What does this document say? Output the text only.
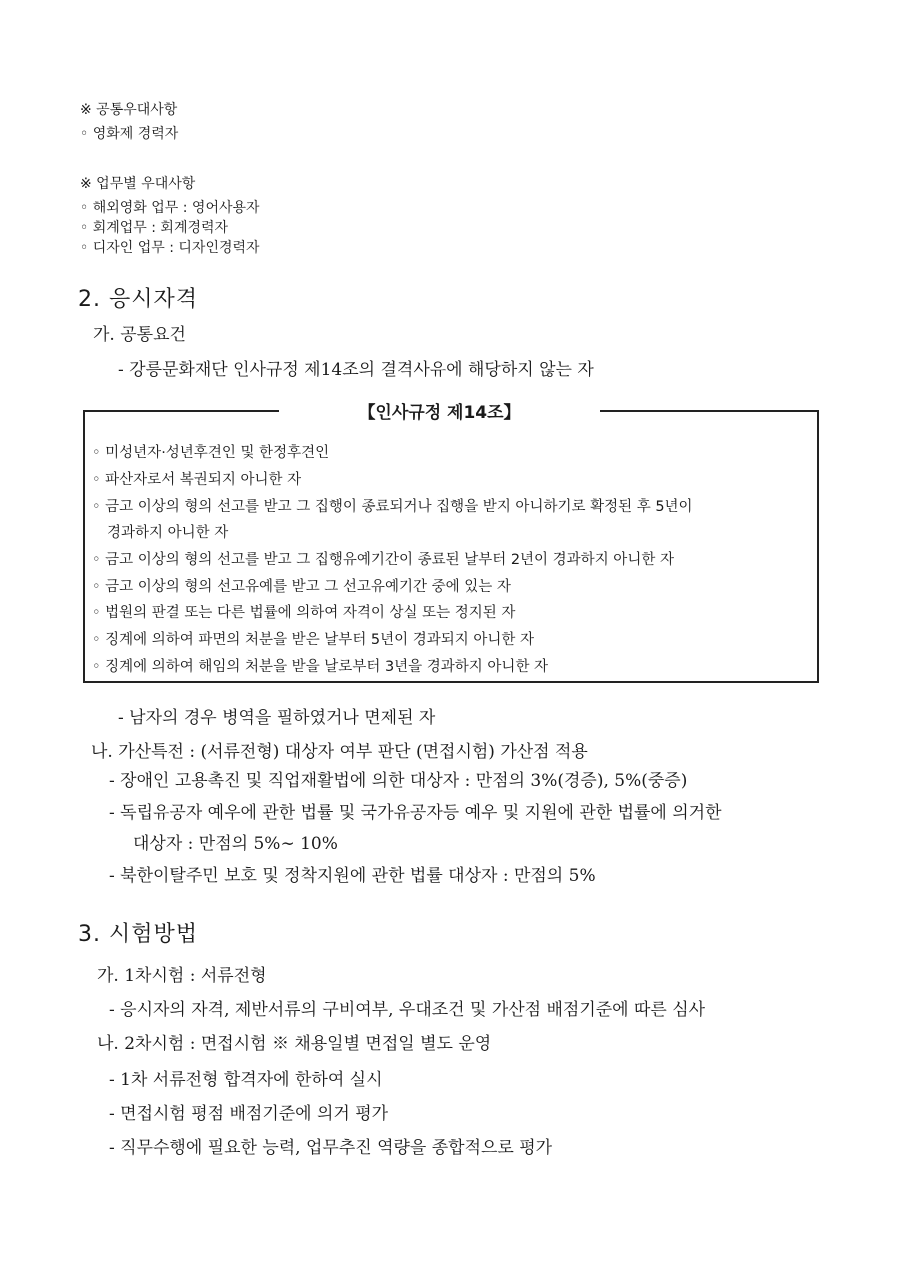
※ 공통우대사항
◦ 영화제 경력자
※ 업무별 우대사항
◦ 해외영화 업무 : 영어사용자
◦ 회계업무 : 회계경력자
◦ 디자인 업무 : 디자인경력자
2. 응시자격
가. 공통요건
- 강릉문화재단 인사규정 제14조의 결격사유에 해당하지 않는 자
【인사규정 제14조】
◦ 미성년자·성년후견인 및 한정후견인
◦ 파산자로서 복권되지 아니한 자
◦ 금고 이상의 형의 선고를 받고 그 집행이 종료되거나 집행을 받지 아니하기로 확정된 후 5년이
경과하지 아니한 자
◦ 금고 이상의 형의 선고를 받고 그 집행유예기간이 종료된 날부터 2년이 경과하지 아니한 자
◦ 금고 이상의 형의 선고유예를 받고 그 선고유예기간 중에 있는 자
◦ 법원의 판결 또는 다른 법률에 의하여 자격이 상실 또는 정지된 자
◦ 징계에 의하여 파면의 처분을 받은 날부터 5년이 경과되지 아니한 자
◦ 징계에 의하여 해임의 처분을 받을 날로부터 3년을 경과하지 아니한 자
- 남자의 경우 병역을 필하였거나 면제된 자
나. 가산특전 : (서류전형) 대상자 여부 판단 (면접시험) 가산점 적용
- 장애인 고용촉진 및 직업재활법에 의한 대상자 : 만점의 3%(경증), 5%(중증)
- 독립유공자 예우에 관한 법률 및 국가유공자등 예우 및 지원에 관한 법률에 의거한
대상자 : 만점의 5%∼ 10%
- 북한이탈주민 보호 및 정착지원에 관한 법률 대상자 : 만점의 5%
3. 시험방법
가. 1차시험 : 서류전형
- 응시자의 자격, 제반서류의 구비여부, 우대조건 및 가산점 배점기준에 따른 심사
나. 2차시험 : 면접시험 ※ 채용일별 면접일 별도 운영
- 1차 서류전형 합격자에 한하여 실시
- 면접시험 평점 배점기준에 의거 평가
- 직무수행에 필요한 능력, 업무추진 역량을 종합적으로 평가
